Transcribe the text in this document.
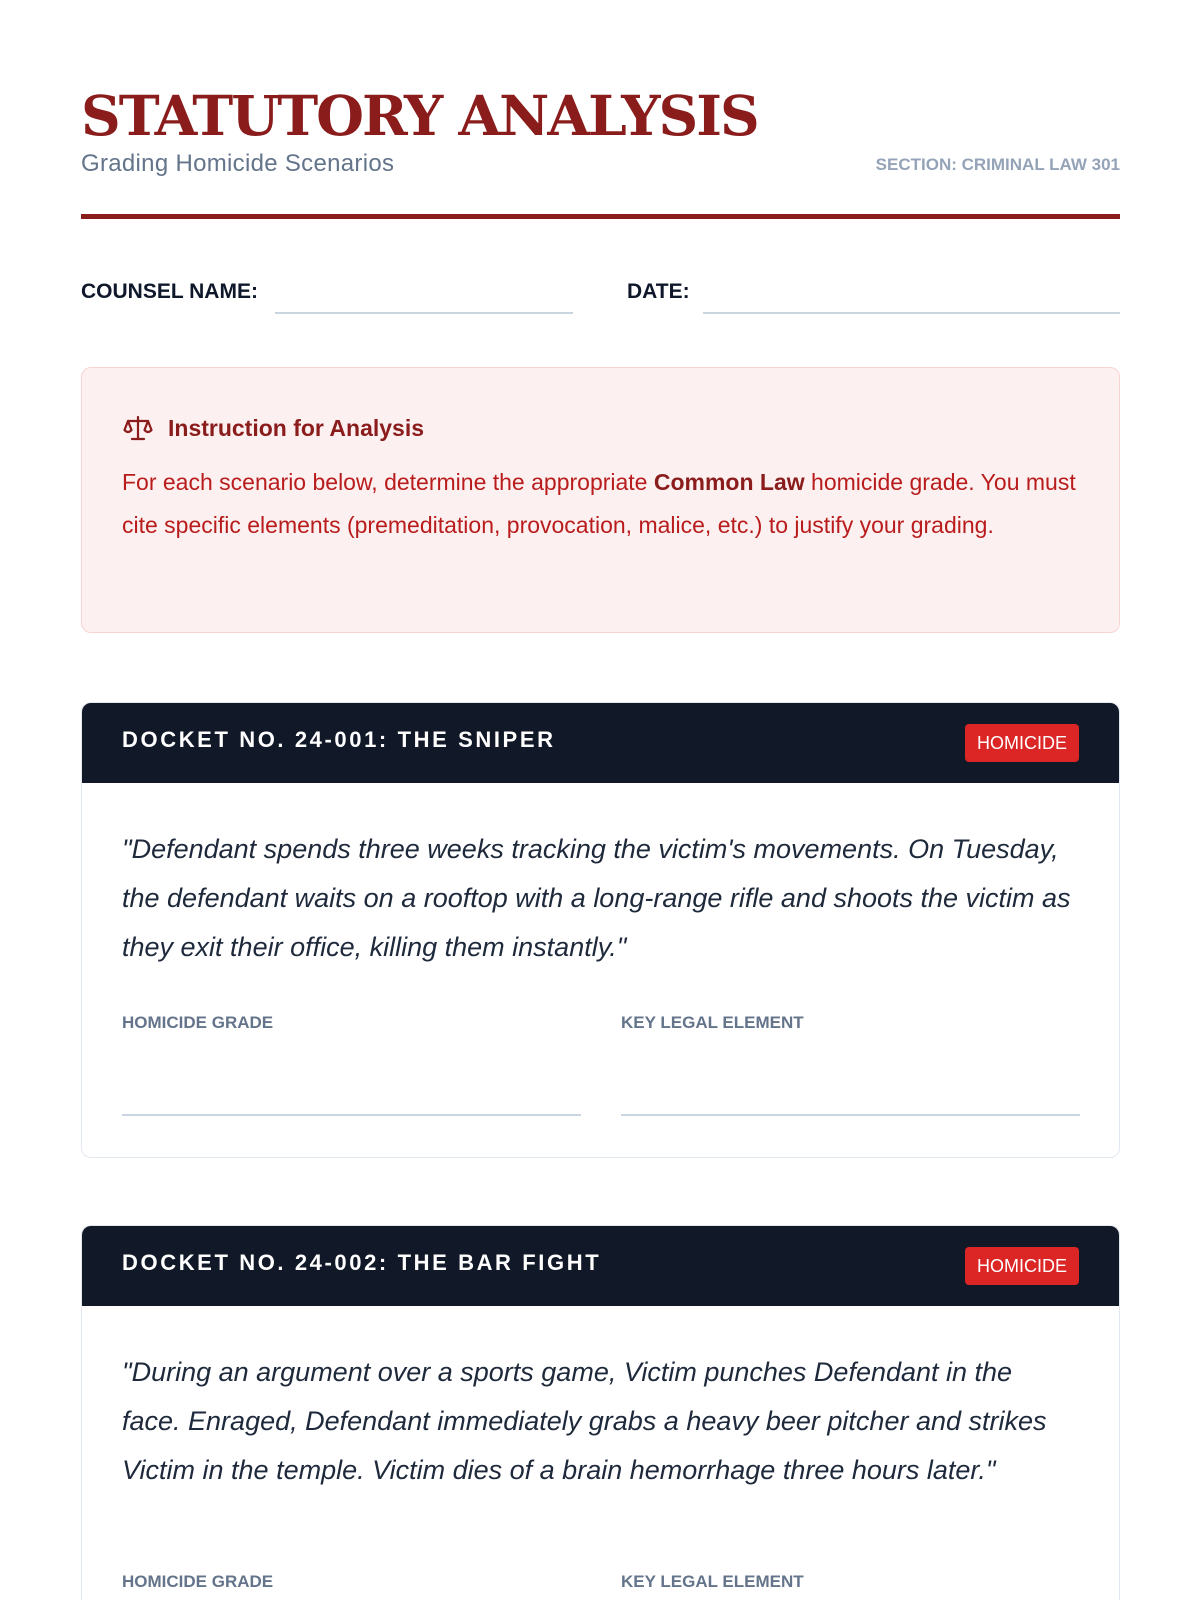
STATUTORY ANALYSIS
Grading Homicide Scenarios	SECTION: CRIMINAL LAW 301
COUNSEL NAME:	DATE:
Instruction for Analysis
For each scenario below, determine the appropriate Common Law homicide grade. You must cite specific elements (premeditation, provocation, malice, etc.) to justify your grading.
DOCKET NO. 24-001: THE SNIPER	HOMICIDE
"Defendant spends three weeks tracking the victim's movements. On Tuesday, the defendant waits on a rooftop with a long-range rifle and shoots the victim as they exit their office, killing them instantly."
HOMICIDE GRADE	KEY LEGAL ELEMENT
DOCKET NO. 24-002: THE BAR FIGHT	HOMICIDE
"During an argument over a sports game, Victim punches Defendant in the face. Enraged, Defendant immediately grabs a heavy beer pitcher and strikes Victim in the temple. Victim dies of a brain hemorrhage three hours later."
HOMICIDE GRADE	KEY LEGAL ELEMENT
